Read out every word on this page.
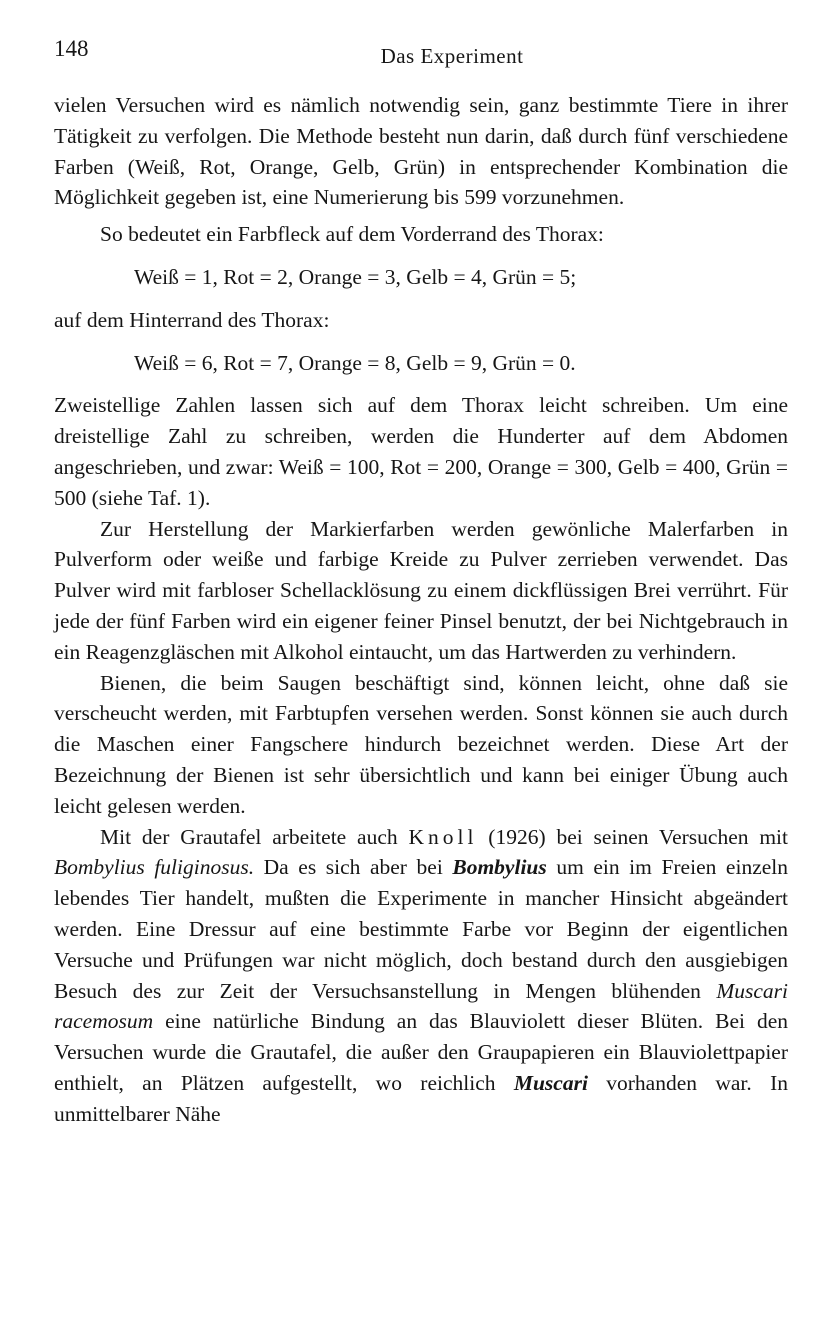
148	Das Experiment

vielen Versuchen wird es nämlich notwendig sein, ganz bestimmte Tiere in ihrer Tätigkeit zu verfolgen. Die Methode besteht nun darin, daß durch fünf verschiedene Farben (Weiß, Rot, Orange, Gelb, Grün) in entsprechender Kombination die Möglichkeit gegeben ist, eine Numerierung bis 599 vorzunehmen.

So bedeutet ein Farbfleck auf dem Vorderrand des Thorax:

Weiß = 1, Rot = 2, Orange = 3, Gelb = 4, Grün = 5;

auf dem Hinterrand des Thorax:

Weiß = 6, Rot = 7, Orange = 8, Gelb = 9, Grün = 0.

Zweistellige Zahlen lassen sich auf dem Thorax leicht schreiben. Um eine dreistellige Zahl zu schreiben, werden die Hunderter auf dem Abdomen angeschrieben, und zwar: Weiß = 100, Rot = 200, Orange = 300, Gelb = 400, Grün = 500 (siehe Taf. 1).

Zur Herstellung der Markierfarben werden gewönliche Malerfarben in Pulverform oder weiße und farbige Kreide zu Pulver zerrieben verwendet. Das Pulver wird mit farbloser Schellacklösung zu einem dickflüssigen Brei verrührt. Für jede der fünf Farben wird ein eigener feiner Pinsel benutzt, der bei Nichtgebrauch in ein Reagenzgläschen mit Alkohol eintaucht, um das Hartwerden zu verhindern.

Bienen, die beim Saugen beschäftigt sind, können leicht, ohne daß sie verscheucht werden, mit Farbtupfen versehen werden. Sonst können sie auch durch die Maschen einer Fangschere hindurch bezeichnet werden. Diese Art der Bezeichnung der Bienen ist sehr übersichtlich und kann bei einiger Übung auch leicht gelesen werden.

Mit der Grautafel arbeitete auch Knoll (1926) bei seinen Versuchen mit Bombylius fuliginosus. Da es sich aber bei Bombylius um ein im Freien einzeln lebendes Tier handelt, mußten die Experimente in mancher Hinsicht abgeändert werden. Eine Dressur auf eine bestimmte Farbe vor Beginn der eigentlichen Versuche und Prüfungen war nicht möglich, doch bestand durch den ausgiebigen Besuch des zur Zeit der Versuchsanstellung in Mengen blühenden Muscari racemosum eine natürliche Bindung an das Blauviolett dieser Blüten. Bei den Versuchen wurde die Grautafel, die außer den Graupapieren ein Blauviolettpapier enthielt, an Plätzen aufgestellt, wo reichlich Muscari vorhanden war. In unmittelbarer Nähe
